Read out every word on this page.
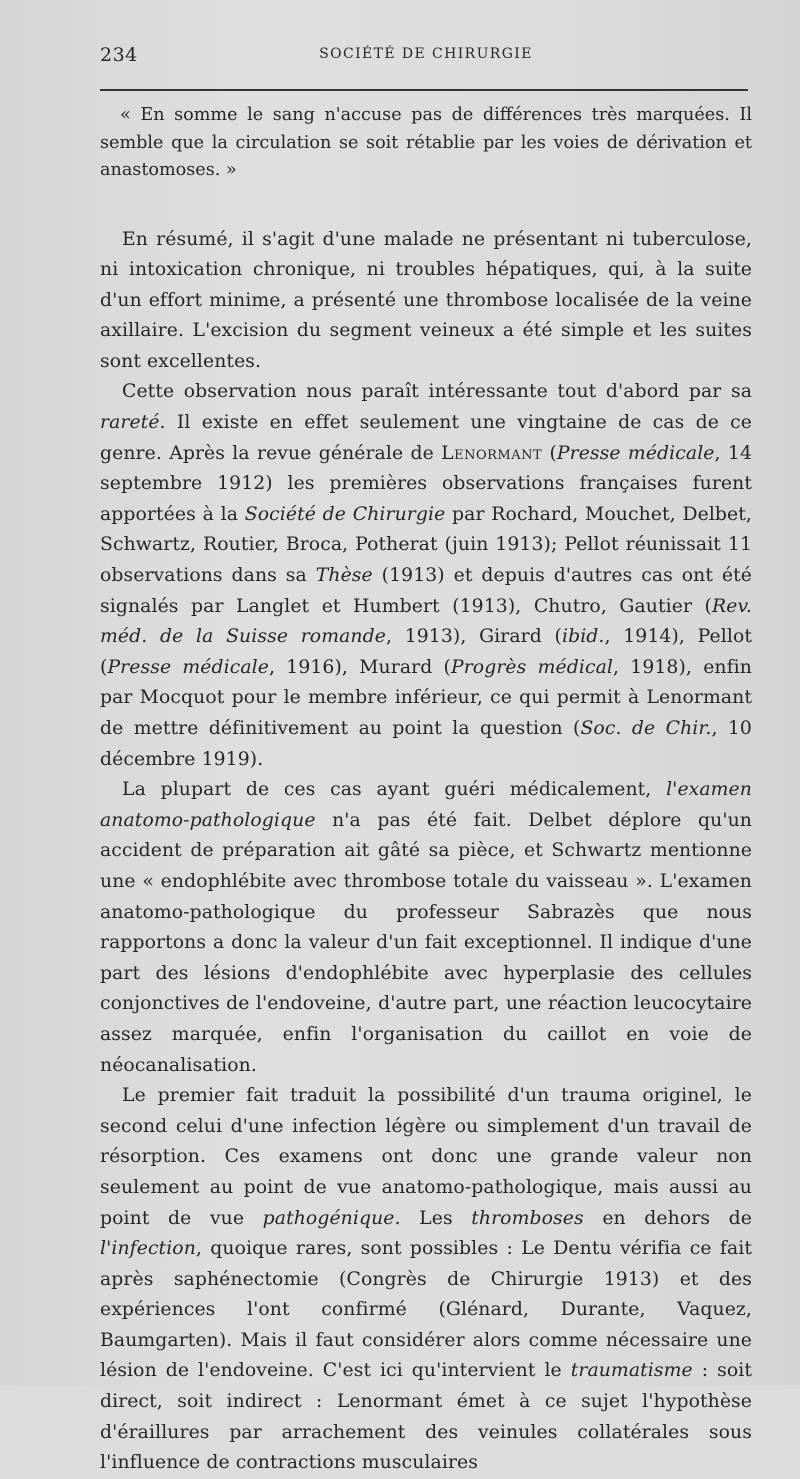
234	SOCIÉTÉ DE CHIRURGIE

« En somme le sang n'accuse pas de différences très marquées. Il semble que la circulation se soit rétablie par les voies de dérivation et anastomoses. »

En résumé, il s'agit d'une malade ne présentant ni tuberculose, ni intoxication chronique, ni troubles hépatiques, qui, à la suite d'un effort minime, a présenté une thrombose localisée de la veine axillaire. L'excision du segment veineux a été simple et les suites sont excellentes.

Cette observation nous paraît intéressante tout d'abord par sa rareté. Il existe en effet seulement une vingtaine de cas de ce genre. Après la revue générale de Lenormant (Presse médicale, 14 septembre 1912) les premières observations françaises furent apportées à la Société de Chirurgie par Rochard, Mouchet, Delbet, Schwartz, Routier, Broca, Potherat (juin 1913); Pellot réunissait 11 observations dans sa Thèse (1913) et depuis d'autres cas ont été signalés par Langlet et Humbert (1913), Chutro, Gautier (Rev. méd. de la Suisse romande, 1913), Girard (ibid., 1914), Pellot (Presse médicale, 1916), Murard (Progrès médical, 1918), enfin par Mocquot pour le membre inférieur, ce qui permit à Lenormant de mettre définitivement au point la question (Soc. de Chir., 10 décembre 1919).

La plupart de ces cas ayant guéri médicalement, l'examen anatomo-pathologique n'a pas été fait. Delbet déplore qu'un accident de préparation ait gâté sa pièce, et Schwartz mentionne une « endophlébite avec thrombose totale du vaisseau ». L'examen anatomo-pathologique du professeur Sabrazès que nous rapportons a donc la valeur d'un fait exceptionnel. Il indique d'une part des lésions d'endophlébite avec hyperplasie des cellules conjonctives de l'endoveine, d'autre part, une réaction leucocytaire assez marquée, enfin l'organisation du caillot en voie de néocanalisation.

Le premier fait traduit la possibilité d'un trauma originel, le second celui d'une infection légère ou simplement d'un travail de résorption. Ces examens ont donc une grande valeur non seulement au point de vue anatomo-pathologique, mais aussi au point de vue pathogénique. Les thromboses en dehors de l'infection, quoique rares, sont possibles : Le Dentu vérifia ce fait après saphénectomie (Congrès de Chirurgie 1913) et des expériences l'ont confirmé (Glénard, Durante, Vaquez, Baumgarten). Mais il faut considérer alors comme nécessaire une lésion de l'endoveine. C'est ici qu'intervient le traumatisme : soit direct, soit indirect : Lenormant émet à ce sujet l'hypothèse d'éraillures par arrachement des veinules collatérales sous l'influence de contractions musculaires
